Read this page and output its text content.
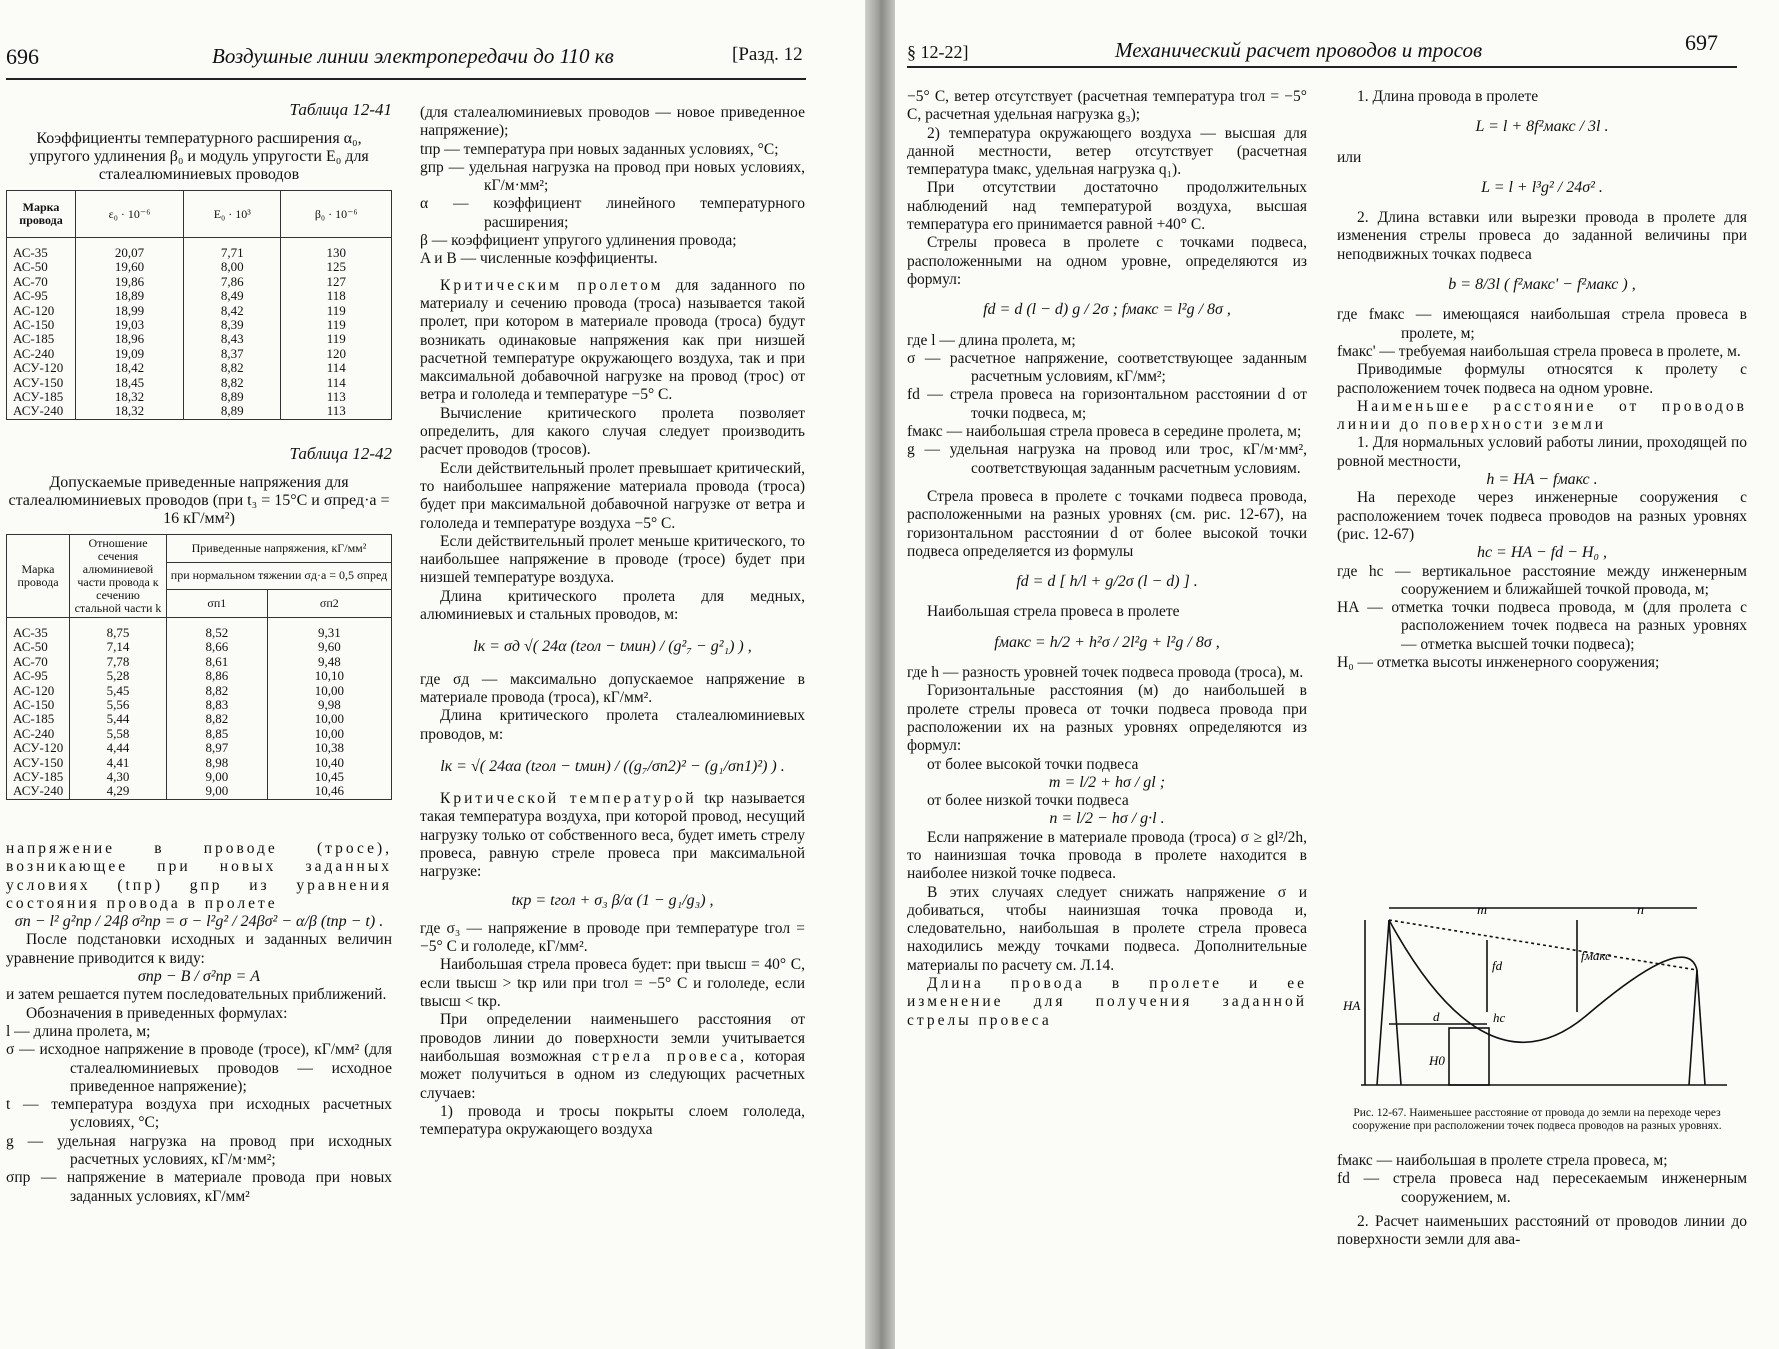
696	Воздушные линии электропередачи до 110 кв	[Разд. 12
Таблица 12-41
Коэффициенты температурного расширения α₀, упругого удлинения β₀ и модуль упругости E₀ для сталеалюминиевых проводов
Марка провода	ε₀ · 10⁻⁶	E₀ · 10³	β₀ · 10⁻⁶
АС-35	20,07	7,71	130
АС-50	19,60	8,00	125
АС-70	19,86	7,86	127
АС-95	18,89	8,49	118
АС-120	18,99	8,42	119
АС-150	19,03	8,39	119
АС-185	18,96	8,43	119
АС-240	19,09	8,37	120
АСУ-120	18,42	8,82	114
АСУ-150	18,45	8,82	114
АСУ-185	18,32	8,89	113
АСУ-240	18,32	8,89	113
Таблица 12-42
Допускаемые приведенные напряжения для сталеалюминиевых проводов (при t₃ = 15°C и σпред·а = 16 кГ/мм²)
Марка провода	Отношение сечения алюминиевой части провода к сечению стальной части k	Приведенные напряжения, кГ/мм²	
		при нормальном тяжении σд·а = 0,5 σпред	
		σп1	σп2
АС-35	8,75	8,52	9,31
АС-50	7,14	8,66	9,60
АС-70	7,78	8,61	9,48
АС-95	5,28	8,86	10,10
АС-120	5,45	8,82	10,00
АС-150	5,56	8,83	9,98
АС-185	5,44	8,82	10,00
АС-240	5,58	8,85	10,00
АСУ-120	4,44	8,97	10,38
АСУ-150	4,41	8,98	10,40
АСУ-185	4,30	9,00	10,45
АСУ-240	4,29	9,00	10,46

напряжение в проводе (тросе), возникающее при новых заданных условиях (tпр) gпр из уравнения состояния провода в пролете

σп − l² g²пр / 24β σ²пр = σ − l²g² / 24βσ² − α/β (tпр − t) .

После подстановки исходных и заданных величин уравнение приводится к виду:

σпр − B / σ²пр = A

и затем решается путем последовательных приближений.

Обозначения в приведенных формулах:

l — длина пролета, м;

σ — исходное напряжение в проводе (тросе), кГ/мм² (для сталеалюминиевых проводов — исходное приведенное напряжение);

t — температура воздуха при исходных расчетных условиях, °C;

g — удельная нагрузка на провод при исходных расчетных условиях, кГ/м·мм²;

σпр — напряжение в материале провода при новых заданных условиях, кГ/мм²

(для сталеалюминиевых проводов — новое приведенное напряжение);

tпр — температура при новых заданных условиях, °C;

gпр — удельная нагрузка на провод при новых условиях, кГ/м·мм²;

α — коэффициент линейного температурного расширения;

β — коэффициент упругого удлинения провода;

A и B — численные коэффициенты.

Критическим пролетом для заданного по материалу и сечению провода (троса) называется такой пролет, при котором в материале провода (троса) будут возникать одинаковые напряжения как при низшей расчетной температуре окружающего воздуха, так и при максимальной добавочной нагрузке на провод (трос) от ветра и гололеда и температуре −5° C.

Вычисление критического пролета позволяет определить, для какого случая следует производить расчет проводов (тросов).

Если действительный пролет превышает критический, то наибольшее напряжение материала провода (троса) будет при максимальной добавочной нагрузке от ветра и гололеда и температуре воздуха −5° C.

Если действительный пролет меньше критического, то наибольшее напряжение в проводе (тросе) будет при низшей температуре воздуха.

Длина критического пролета для медных, алюминиевых и стальных проводов, м:

lк = σд √( 24α (tгол − tмин) / (g²₇ − g²₁) ) ,

где σд — максимально допускаемое напряжение в материале провода (троса), кГ/мм².

Длина критического пролета сталеалюминиевых проводов, м:

lк = √( 24αа (tгол − tмин) / ((g₇/σп2)² − (g₁/σп1)²) ) .

Критической температурой tкр называется такая температура воздуха, при которой провод, несущий нагрузку только от собственного веса, будет иметь стрелу провеса, равную стреле провеса при максимальной нагрузке:

tкр = tгол + σ₃ β/α (1 − g₁/g₃) ,

где σ₃ — напряжение в проводе при температуре tгол = −5° C и гололеде, кГ/мм².

Наибольшая стрела провеса будет: при tвысш = 40° C, если tвысш > tкр или при tгол = −5° C и гололеде, если tвысш < tкр.

При определении наименьшего расстояния от проводов линии до поверхности земли учитывается наибольшая возможная стрела провеса, которая может получиться в одном из следующих расчетных случаев:

1) провода и тросы покрыты слоем гололеда, температура окружающего воздуха

§ 12-22]	Механический расчет проводов и тросов	697

−5° C, ветер отсутствует (расчетная температура tгол = −5° C, расчетная удельная нагрузка g₃);

2) температура окружающего воздуха — высшая для данной местности, ветер отсутствует (расчетная температура tмакс, удельная нагрузка q₁).

При отсутствии достаточно продолжительных наблюдений над температурой воздуха, высшая температура его принимается равной +40° C.

Стрелы провеса в пролете с точками подвеса, расположенными на одном уровне, определяются из формул:

fd = d (l − d) g / 2σ ; fмакс = l²g / 8σ ,

где l — длина пролета, м;

σ — расчетное напряжение, соответствующее заданным расчетным условиям, кГ/мм²;

fd — стрела провеса на горизонтальном расстоянии d от точки подвеса, м;

fмакс — наибольшая стрела провеса в середине пролета, м;

g — удельная нагрузка на провод или трос, кГ/м·мм², соответствующая заданным расчетным условиям.

Стрела провеса в пролете с точками подвеса провода, расположенными на разных уровнях (см. рис. 12-67), на горизонтальном расстоянии d от более высокой точки подвеса определяется из формулы

fd = d [ h/l + g/2σ (l − d) ] .

Наибольшая стрела провеса в пролете

fмакс = h/2 + h²σ / 2l²g + l²g / 8σ ,

где h — разность уровней точек подвеса провода (троса), м.

Горизонтальные расстояния (м) до наибольшей в пролете стрелы провеса от точки подвеса провода при расположении их на разных уровнях определяются из формул:

от более высокой точки подвеса

m = l/2 + hσ / gl ;

от более низкой точки подвеса

n = l/2 − hσ / g·l .

Если напряжение в материале провода (троса) σ ≥ gl²/2h, то наинизшая точка провода в пролете находится в наиболее низкой точке подвеса.

В этих случаях следует снижать напряжение σ и добиваться, чтобы наинизшая точка провода и, следовательно, наибольшая в пролете стрела провеса находились между точками подвеса. Дополнительные материалы по расчету см. Л.14.

Длина провода в пролете и ее изменение для получения заданной стрелы провеса

1. Длина провода в пролете

L = l + 8f²макс / 3l .

или

L = l + l³g² / 24σ² .

2. Длина вставки или вырезки провода в пролете для изменения стрелы провеса до заданной величины при неподвижных точках подвеса

b = 8/3l ( f²макс' − f²макс ) ,

где fмакс — имеющаяся наибольшая стрела провеса в пролете, м;

fмакс' — требуемая наибольшая стрела провеса в пролете, м.

Приводимые формулы относятся к пролету с расположением точек подвеса на одном уровне.

Наименьшее расстояние от проводов линии до поверхности земли

1. Для нормальных условий работы линии, проходящей по ровной местности,

h = HA − fмакс .

На переходе через инженерные сооружения с расположением точек подвеса проводов на разных уровнях (рис. 12-67)

hc = HA − fd − H₀ ,

где hc — вертикальное расстояние между инженерным сооружением и ближайшей точкой провода, м;

HA — отметка точки подвеса провода, м (для пролета с расположением точек подвеса на разных уровнях — отметка высшей точки подвеса);

H₀ — отметка высоты инженерного сооружения;

m	n
fd
fмакс
HA
d	hc
H0
Рис. 12-67. Наименьшее расстояние от провода до земли на переходе через сооружение при расположении точек подвеса проводов на разных уровнях.

fмакс — наибольшая в пролете стрела провеса, м;

fd — стрела провеса над пересекаемым инженерным сооружением, м.

2. Расчет наименьших расстояний от проводов линии до поверхности земли для ава-
